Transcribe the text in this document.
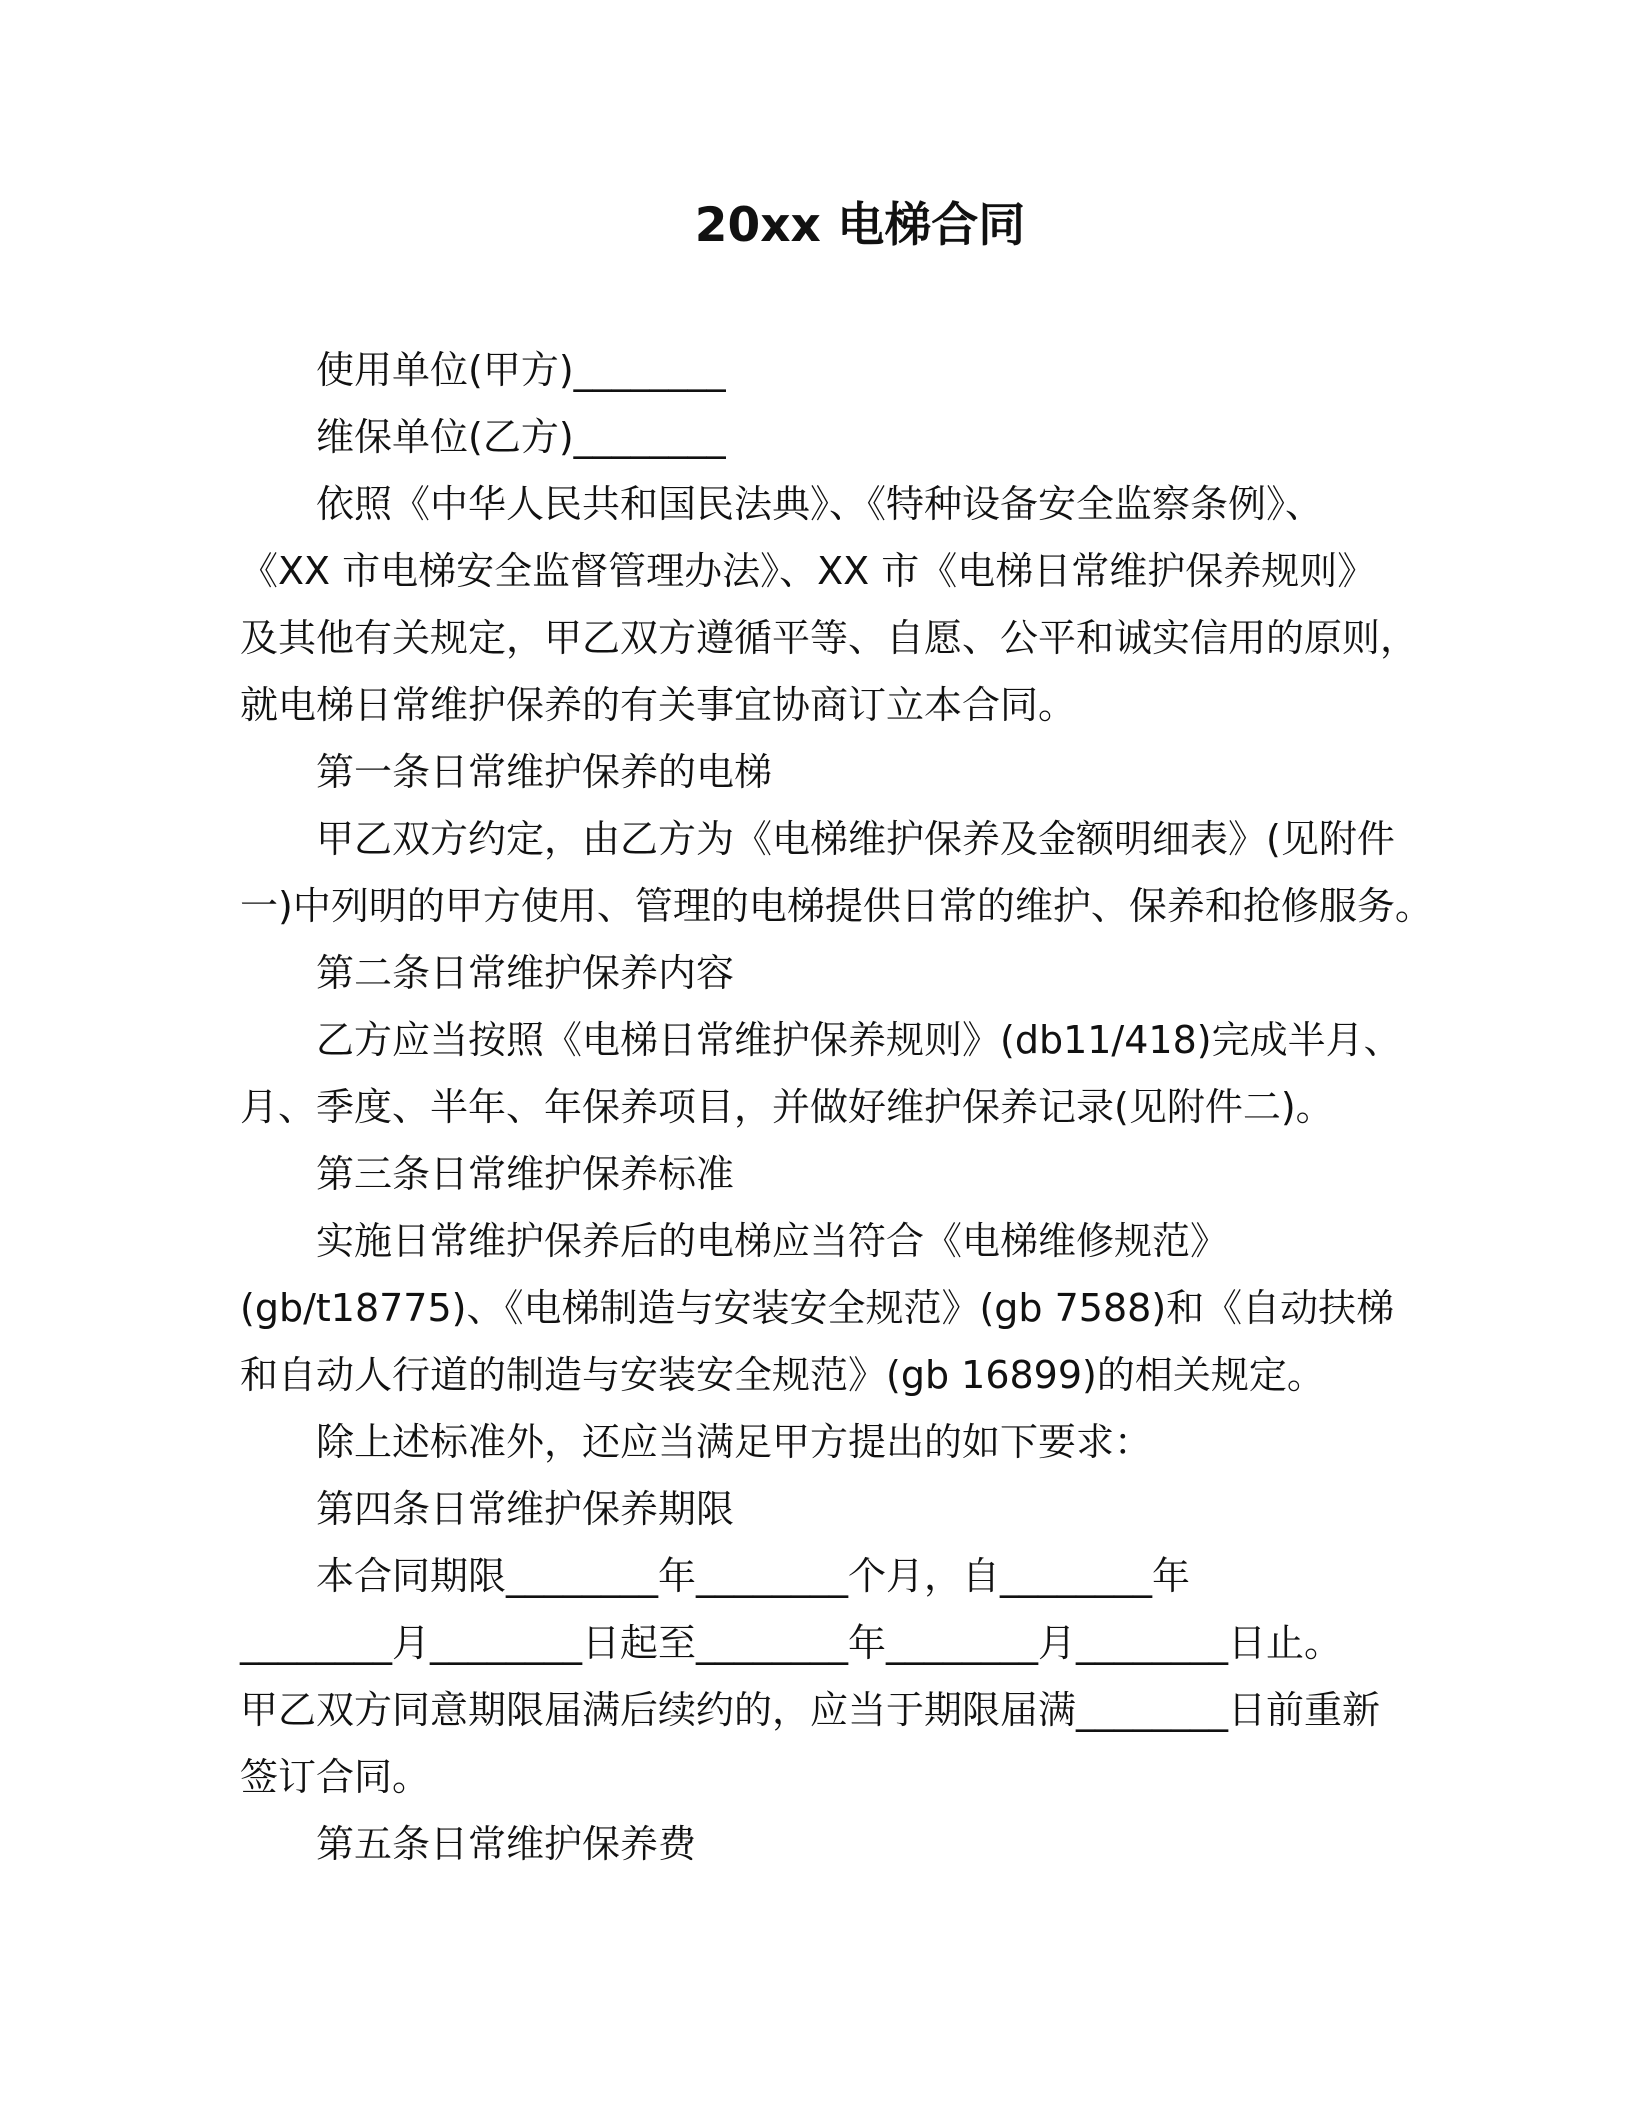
20xx 电梯合同
使用单位(甲方)________
维保单位(乙方)________
依照《中华人民共和国民法典》、《特种设备安全监察条例》、
《XX 市电梯安全监督管理办法》、XX 市《电梯日常维护保养规则》
及其他有关规定，甲乙双方遵循平等、自愿、公平和诚实信用的原则，
就电梯日常维护保养的有关事宜协商订立本合同。
第一条日常维护保养的电梯
甲乙双方约定，由乙方为《电梯维护保养及金额明细表》(见附件
一)中列明的甲方使用、管理的电梯提供日常的维护、保养和抢修服务。
第二条日常维护保养内容
乙方应当按照《电梯日常维护保养规则》(db11/418)完成半月、
月、季度、半年、年保养项目，并做好维护保养记录(见附件二)。
第三条日常维护保养标准
实施日常维护保养后的电梯应当符合《电梯维修规范》
(gb/t18775)、《电梯制造与安装安全规范》(gb 7588)和《自动扶梯
和自动人行道的制造与安装安全规范》(gb 16899)的相关规定。
除上述标准外，还应当满足甲方提出的如下要求：
第四条日常维护保养期限
本合同期限________年________个月，自________年
________月________日起至________年________月________日止。
甲乙双方同意期限届满后续约的，应当于期限届满________日前重新
签订合同。
第五条日常维护保养费
